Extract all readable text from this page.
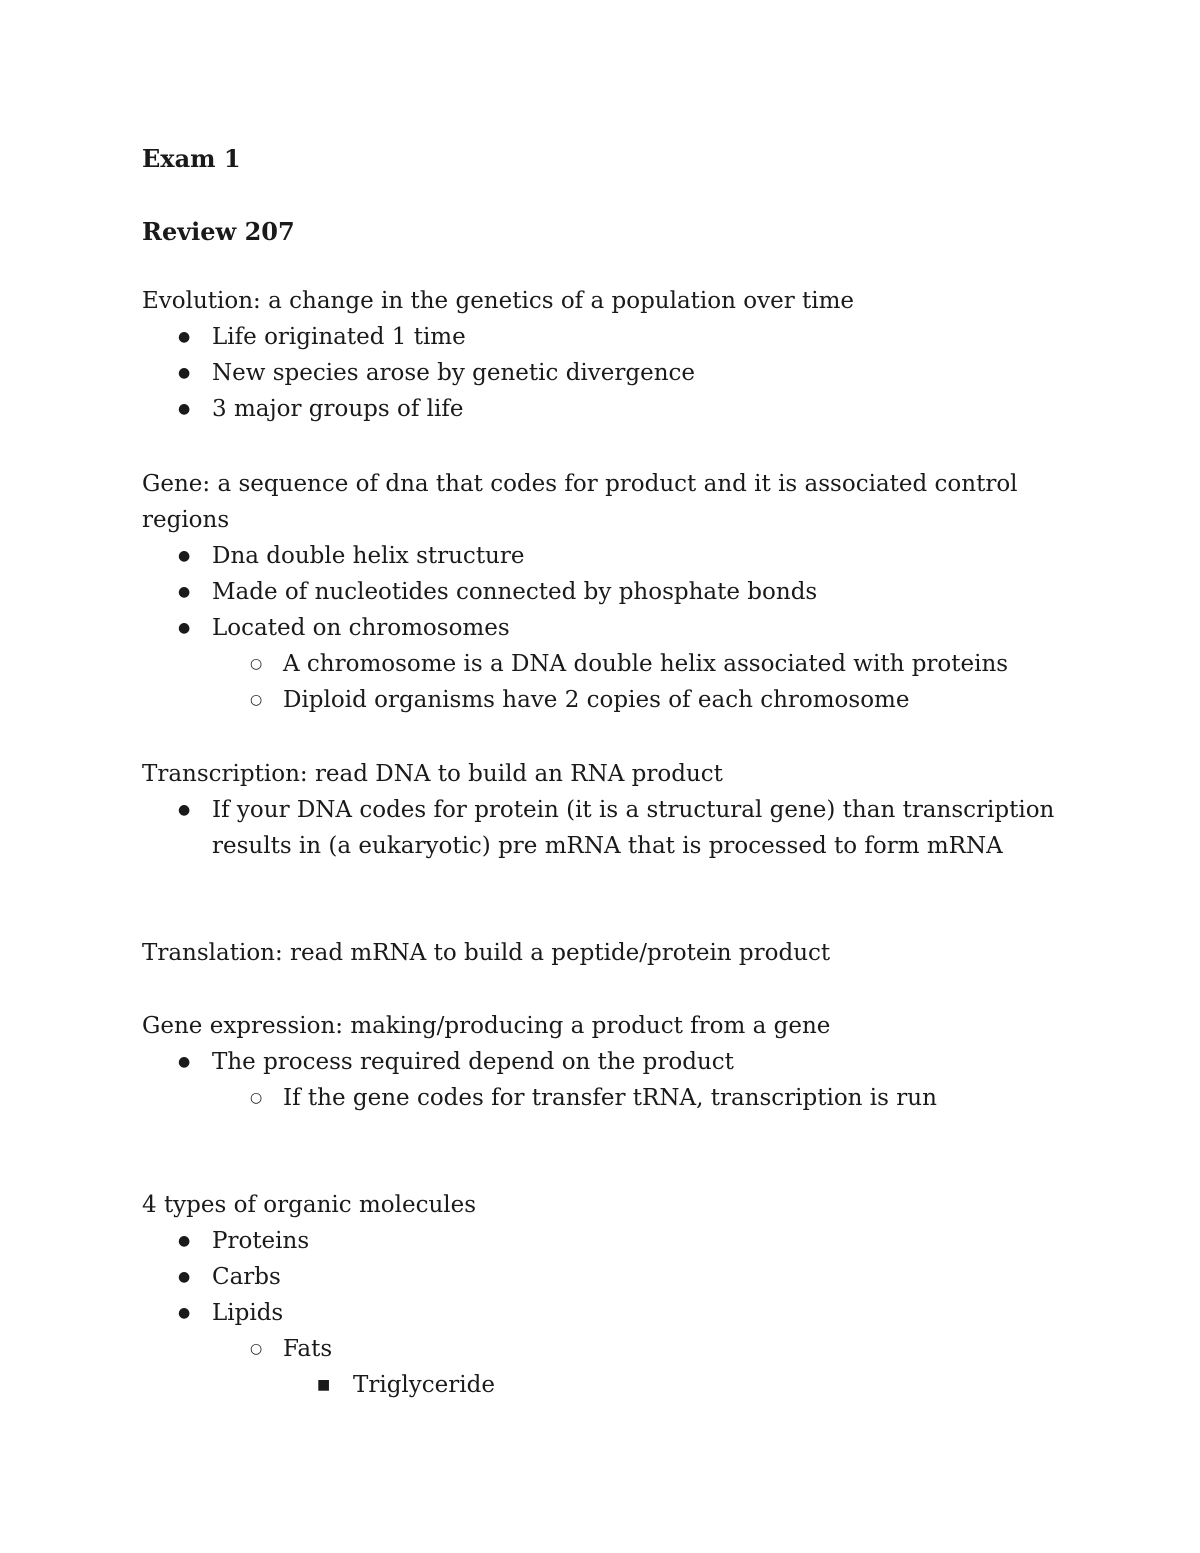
Exam 1
Review 207

Evolution: a change in the genetics of a population over time

● Life originated 1 time
● New species arose by genetic divergence
● 3 major groups of life

Gene: a sequence of dna that codes for product and it is associated control regions

● Dna double helix structure
● Made of nucleotides connected by phosphate bonds
● Located on chromosomes
○ A chromosome is a DNA double helix associated with proteins
○ Diploid organisms have 2 copies of each chromosome

Transcription: read DNA to build an RNA product

● If your DNA codes for protein (it is a structural gene) than transcription results in (a eukaryotic) pre mRNA that is processed to form mRNA

Translation: read mRNA to build a peptide/protein product

Gene expression: making/producing a product from a gene

● The process required depend on the product
○ If the gene codes for transfer tRNA, transcription is run

4 types of organic molecules

● Proteins
● Carbs
● Lipids
○ Fats
■ Triglyceride
